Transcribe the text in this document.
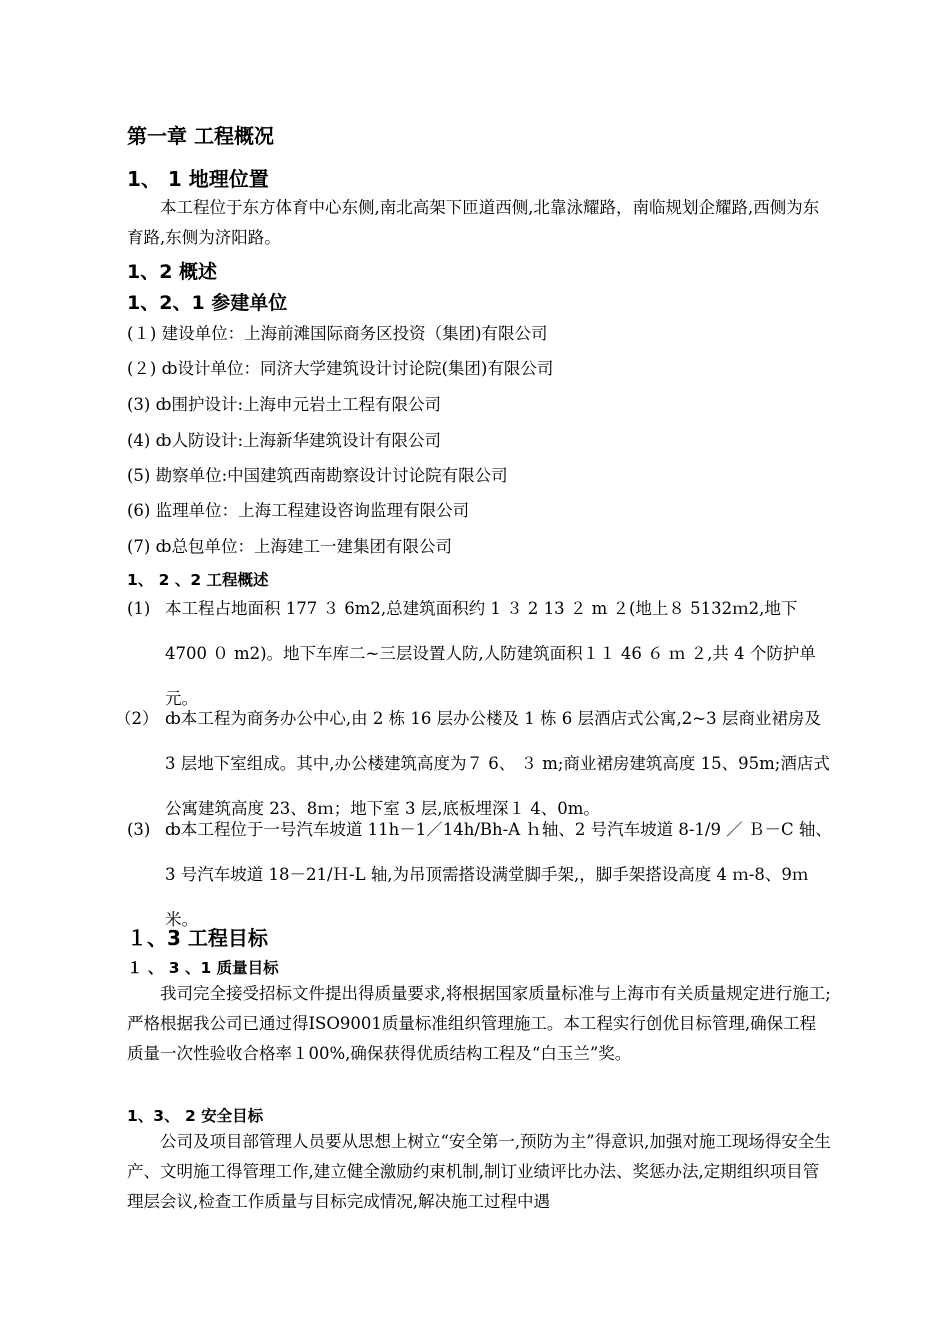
第一章 工程概况
1、 1 地理位置

本工程位于东方体育中心东侧,南北高架下匝道西侧,北靠泳耀路，南临规划企耀路,西侧为东育路,东侧为济阳路。

1、2 概述
1、2、1 参建单位
(１) 建设单位：上海前滩国际商务区投资（集团)有限公司
(２) ȸ设计单位：同济大学建筑设计讨论院(集团)有限公司
(3) ȸ围护设计:上海申元岩土工程有限公司
(4) ȸ人防设计:上海新华建筑设计有限公司
(5) 勘察单位:中国建筑西南勘察设计讨论院有限公司
(6) 监理单位：上海工程建设咨询监理有限公司
(7) ȸ总包单位：上海建工一建集团有限公司
1、 2 、2 工程概述
(1) 本工程占地面积 177 ３ 6m2,总建筑面积约 1 ３ 2 13 ２ m ２(地上８ 5132ｍ2,地下 4700 ０ m2)。地下车库二~三层设置人防,人防建筑面积１１ 46 ６ ｍ ２,共 4 个防护单元。
（2） ȸ本工程为商务办公中心,由 2 栋 16 层办公楼及 1 栋 6 层酒店式公寓,2~3 层商业裙房及 3 层地下室组成。其中,办公楼建筑高度为７ 6、 ３ m;商业裙房建筑高度 15、95m;酒店式公寓建筑高度 23、8ｍ；地下室 3 层,底板埋深１ 4、0m。
(3) ȸ本工程位于一号汽车坡道 11h－1／14h/Bh-A ｈ轴、2 号汽车坡道 8-1/9 ／ Ｂ－C 轴、3 号汽车坡道 18－21/Ｈ-L 轴,为吊顶需搭设满堂脚手架,，脚手架搭设高度 4 ｍ-8、9ｍ米。
１、3 工程目标
１ 、 3 、1 质量目标

我司完全接受招标文件提出得质量要求,将根据国家质量标准与上海市有关质量规定进行施工;严格根据我公司已通过得ISO9001质量标准组织管理施工。本工程实行创优目标管理,确保工程质量一次性验收合格率１00%,确保获得优质结构工程及“白玉兰”奖。

1、3、 2 安全目标

公司及项目部管理人员要从思想上树立“安全第一,预防为主”得意识,加强对施工现场得安全生产、文明施工得管理工作,建立健全激励约束机制,制订业绩评比办法、奖惩办法,定期组织项目管理层会议,检查工作质量与目标完成情况,解决施工过程中遇
